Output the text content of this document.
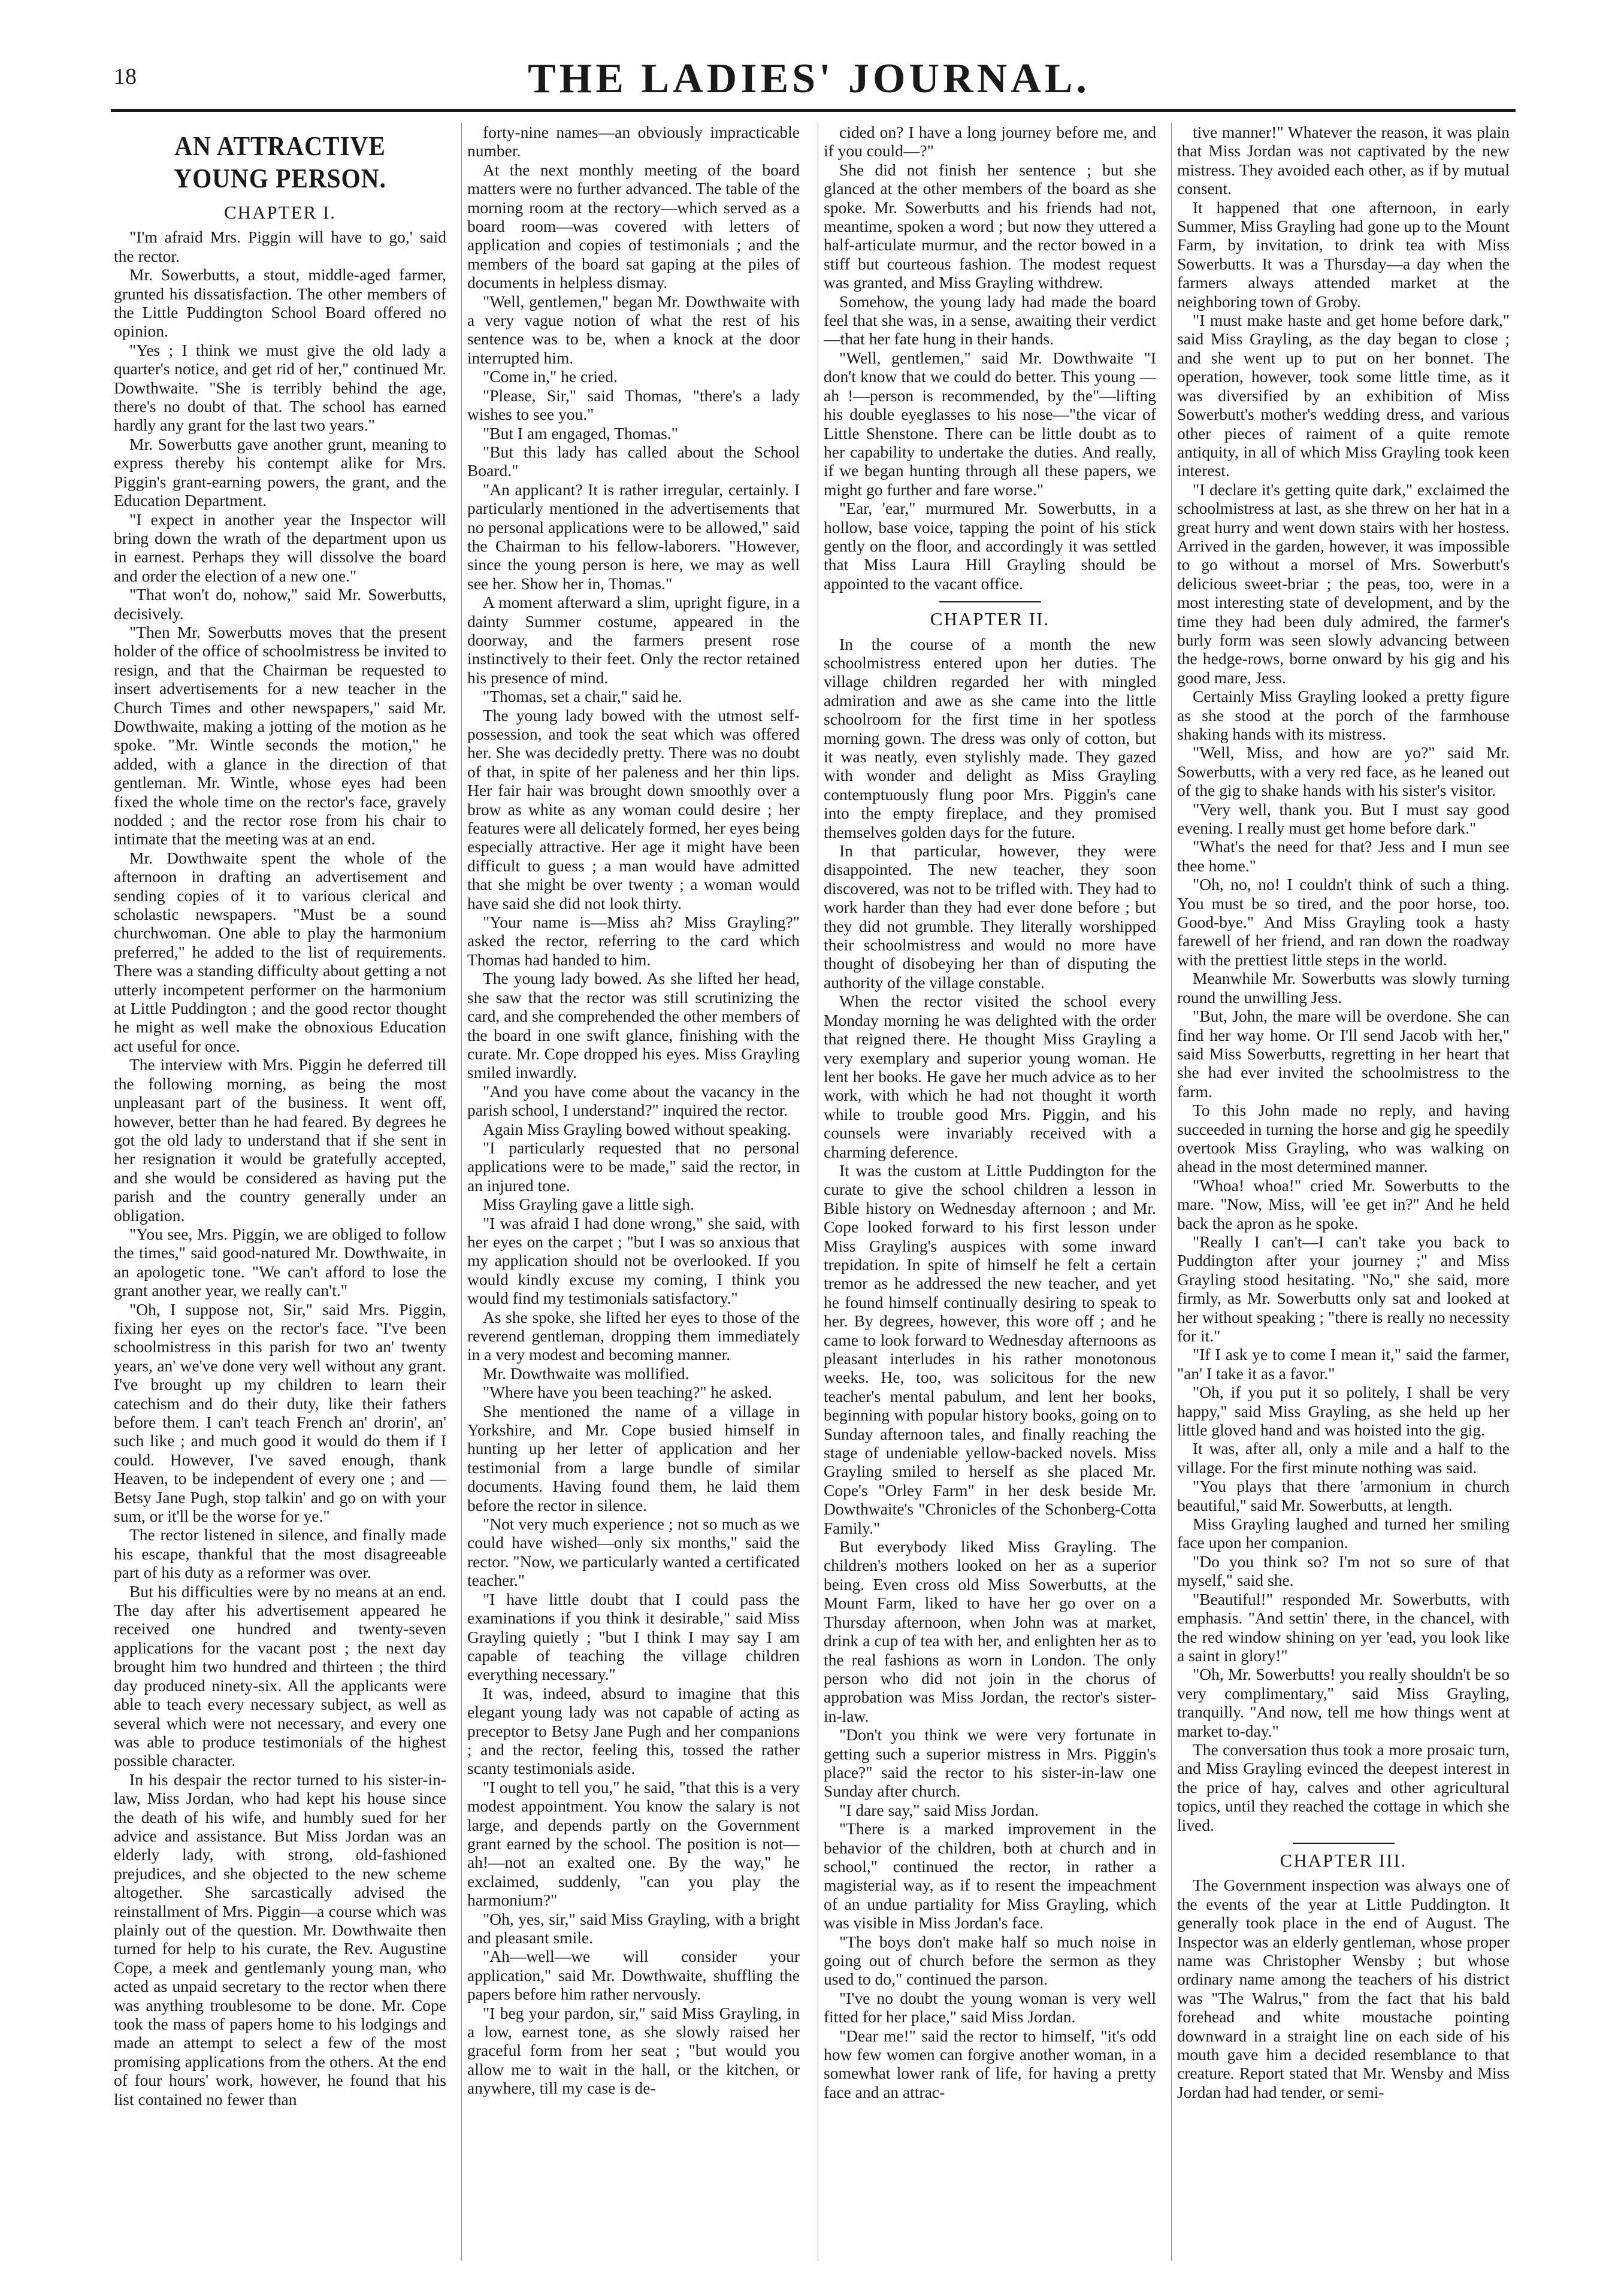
18	THE LADIES' JOURNAL.
AN ATTRACTIVE YOUNG PERSON.
CHAPTER I.

"I'm afraid Mrs. Piggin will have to go,' said the rector.

Mr. Sowerbutts, a stout, middle-aged farmer, grunted his dissatisfaction. The other members of the Little Puddington School Board offered no opinion.

"Yes ; I think we must give the old lady a quarter's notice, and get rid of her," continued Mr. Dowthwaite. "She is terribly behind the age, there's no doubt of that. The school has earned hardly any grant for the last two years."

Mr. Sowerbutts gave another grunt, meaning to express thereby his contempt alike for Mrs. Piggin's grant-earning powers, the grant, and the Education Department.

"I expect in another year the Inspector will bring down the wrath of the department upon us in earnest. Perhaps they will dissolve the board and order the election of a new one."

"That won't do, nohow," said Mr. Sowerbutts, decisively.

"Then Mr. Sowerbutts moves that the present holder of the office of schoolmistress be invited to resign, and that the Chairman be requested to insert advertisements for a new teacher in the Church Times and other newspapers," said Mr. Dowthwaite, making a jotting of the motion as he spoke. "Mr. Wintle seconds the motion," he added, with a glance in the direction of that gentleman. Mr. Wintle, whose eyes had been fixed the whole time on the rector's face, gravely nodded ; and the rector rose from his chair to intimate that the meeting was at an end.

Mr. Dowthwaite spent the whole of the afternoon in drafting an advertisement and sending copies of it to various clerical and scholastic newspapers. "Must be a sound churchwoman. One able to play the harmonium preferred," he added to the list of requirements. There was a standing difficulty about getting a not utterly incompetent performer on the harmonium at Little Puddington ; and the good rector thought he might as well make the obnoxious Education act useful for once.

The interview with Mrs. Piggin he deferred till the following morning, as being the most unpleasant part of the business. It went off, however, better than he had feared. By degrees he got the old lady to understand that if she sent in her resignation it would be gratefully accepted, and she would be considered as having put the parish and the country generally under an obligation.

"You see, Mrs. Piggin, we are obliged to follow the times," said good-natured Mr. Dowthwaite, in an apologetic tone. "We can't afford to lose the grant another year, we really can't."

"Oh, I suppose not, Sir," said Mrs. Piggin, fixing her eyes on the rector's face. "I've been schoolmistress in this parish for two an' twenty years, an' we've done very well without any grant. I've brought up my children to learn their catechism and do their duty, like their fathers before them. I can't teach French an' drorin', an' such like ; and much good it would do them if I could. However, I've saved enough, thank Heaven, to be independent of every one ; and — Betsy Jane Pugh, stop talkin' and go on with your sum, or it'll be the worse for ye."

The rector listened in silence, and finally made his escape, thankful that the most disagreeable part of his duty as a reformer was over.

But his difficulties were by no means at an end. The day after his advertisement appeared he received one hundred and twenty-seven applications for the vacant post ; the next day brought him two hundred and thirteen ; the third day produced ninety-six. All the applicants were able to teach every necessary subject, as well as several which were not necessary, and every one was able to produce testimonials of the highest possible character.

In his despair the rector turned to his sister-in-law, Miss Jordan, who had kept his house since the death of his wife, and humbly sued for her advice and assistance. But Miss Jordan was an elderly lady, with strong, old-fashioned prejudices, and she objected to the new scheme altogether. She sarcastically advised the reinstallment of Mrs. Piggin—a course which was plainly out of the question. Mr. Dowthwaite then turned for help to his curate, the Rev. Augustine Cope, a meek and gentlemanly young man, who acted as unpaid secretary to the rector when there was anything troublesome to be done. Mr. Cope took the mass of papers home to his lodgings and made an attempt to select a few of the most promising applications from the others. At the end of four hours' work, however, he found that his list contained no fewer than

forty-nine names—an obviously impracticable number.

At the next monthly meeting of the board matters were no further advanced. The table of the morning room at the rectory—which served as a board room—was covered with letters of application and copies of testimonials ; and the members of the board sat gaping at the piles of documents in helpless dismay.

"Well, gentlemen," began Mr. Dowthwaite with a very vague notion of what the rest of his sentence was to be, when a knock at the door interrupted him.

"Come in," he cried.

"Please, Sir," said Thomas, "there's a lady wishes to see you."

"But I am engaged, Thomas."

"But this lady has called about the School Board."

"An applicant? It is rather irregular, certainly. I particularly mentioned in the advertisements that no personal applications were to be allowed," said the Chairman to his fellow-laborers. "However, since the young person is here, we may as well see her. Show her in, Thomas."

A moment afterward a slim, upright figure, in a dainty Summer costume, appeared in the doorway, and the farmers present rose instinctively to their feet. Only the rector retained his presence of mind.

"Thomas, set a chair," said he.

The young lady bowed with the utmost self-possession, and took the seat which was offered her. She was decidedly pretty. There was no doubt of that, in spite of her paleness and her thin lips. Her fair hair was brought down smoothly over a brow as white as any woman could desire ; her features were all delicately formed, her eyes being especially attractive. Her age it might have been difficult to guess ; a man would have admitted that she might be over twenty ; a woman would have said she did not look thirty.

"Your name is—Miss ah? Miss Grayling?" asked the rector, referring to the card which Thomas had handed to him.

The young lady bowed. As she lifted her head, she saw that the rector was still scrutinizing the card, and she comprehended the other members of the board in one swift glance, finishing with the curate. Mr. Cope dropped his eyes. Miss Grayling smiled inwardly.

"And you have come about the vacancy in the parish school, I understand?" inquired the rector.

Again Miss Grayling bowed without speaking.

"I particularly requested that no personal applications were to be made," said the rector, in an injured tone.

Miss Grayling gave a little sigh.

"I was afraid I had done wrong," she said, with her eyes on the carpet ; "but I was so anxious that my application should not be overlooked. If you would kindly excuse my coming, I think you would find my testimonials satisfactory."

As she spoke, she lifted her eyes to those of the reverend gentleman, dropping them immediately in a very modest and becoming manner.

Mr. Dowthwaite was mollified.

"Where have you been teaching?" he asked.

She mentioned the name of a village in Yorkshire, and Mr. Cope busied himself in hunting up her letter of application and her testimonial from a large bundle of similar documents. Having found them, he laid them before the rector in silence.

"Not very much experience ; not so much as we could have wished—only six months," said the rector. "Now, we particularly wanted a certificated teacher."

"I have little doubt that I could pass the examinations if you think it desirable," said Miss Grayling quietly ; "but I think I may say I am capable of teaching the village children everything necessary."

It was, indeed, absurd to imagine that this elegant young lady was not capable of acting as preceptor to Betsy Jane Pugh and her companions ; and the rector, feeling this, tossed the rather scanty testimonials aside.

"I ought to tell you," he said, "that this is a very modest appointment. You know the salary is not large, and depends partly on the Government grant earned by the school. The position is not—ah!—not an exalted one. By the way," he exclaimed, suddenly, "can you play the harmonium?"

"Oh, yes, sir," said Miss Grayling, with a bright and pleasant smile.

"Ah—well—we will consider your application," said Mr. Dowthwaite, shuffling the papers before him rather nervously.

"I beg your pardon, sir," said Miss Grayling, in a low, earnest tone, as she slowly raised her graceful form from her seat ; "but would you allow me to wait in the hall, or the kitchen, or anywhere, till my case is de-

cided on? I have a long journey before me, and if you could—?"

She did not finish her sentence ; but she glanced at the other members of the board as she spoke. Mr. Sowerbutts and his friends had not, meantime, spoken a word ; but now they uttered a half-articulate murmur, and the rector bowed in a stiff but courteous fashion. The modest request was granted, and Miss Grayling withdrew.

Somehow, the young lady had made the board feel that she was, in a sense, awaiting their verdict—that her fate hung in their hands.

"Well, gentlemen," said Mr. Dowthwaite "I don't know that we could do better. This young —ah !—person is recommended, by the"—lifting his double eyeglasses to his nose—"the vicar of Little Shenstone. There can be little doubt as to her capability to undertake the duties. And really, if we began hunting through all these papers, we might go further and fare worse."

"Ear, 'ear," murmured Mr. Sowerbutts, in a hollow, base voice, tapping the point of his stick gently on the floor, and accordingly it was settled that Miss Laura Hill Grayling should be appointed to the vacant office.

CHAPTER II.

In the course of a month the new schoolmistress entered upon her duties. The village children regarded her with mingled admiration and awe as she came into the little schoolroom for the first time in her spotless morning gown. The dress was only of cotton, but it was neatly, even stylishly made. They gazed with wonder and delight as Miss Grayling contemptuously flung poor Mrs. Piggin's cane into the empty fireplace, and they promised themselves golden days for the future.

In that particular, however, they were disappointed. The new teacher, they soon discovered, was not to be trifled with. They had to work harder than they had ever done before ; but they did not grumble. They literally worshipped their schoolmistress and would no more have thought of disobeying her than of disputing the authority of the village constable.

When the rector visited the school every Monday morning he was delighted with the order that reigned there. He thought Miss Grayling a very exemplary and superior young woman. He lent her books. He gave her much advice as to her work, with which he had not thought it worth while to trouble good Mrs. Piggin, and his counsels were invariably received with a charming deference.

It was the custom at Little Puddington for the curate to give the school children a lesson in Bible history on Wednesday afternoon ; and Mr. Cope looked forward to his first lesson under Miss Grayling's auspices with some inward trepidation. In spite of himself he felt a certain tremor as he addressed the new teacher, and yet he found himself continually desiring to speak to her. By degrees, however, this wore off ; and he came to look forward to Wednesday afternoons as pleasant interludes in his rather monotonous weeks. He, too, was solicitous for the new teacher's mental pabulum, and lent her books, beginning with popular history books, going on to Sunday afternoon tales, and finally reaching the stage of undeniable yellow-backed novels. Miss Grayling smiled to herself as she placed Mr. Cope's "Orley Farm" in her desk beside Mr. Dowthwaite's "Chronicles of the Schonberg-Cotta Family."

But everybody liked Miss Grayling. The children's mothers looked on her as a superior being. Even cross old Miss Sowerbutts, at the Mount Farm, liked to have her go over on a Thursday afternoon, when John was at market, drink a cup of tea with her, and enlighten her as to the real fashions as worn in London. The only person who did not join in the chorus of approbation was Miss Jordan, the rector's sister-in-law.

"Don't you think we were very fortunate in getting such a superior mistress in Mrs. Piggin's place?" said the rector to his sister-in-law one Sunday after church.

"I dare say," said Miss Jordan.

"There is a marked improvement in the behavior of the children, both at church and in school," continued the rector, in rather a magisterial way, as if to resent the impeachment of an undue partiality for Miss Grayling, which was visible in Miss Jordan's face.

"The boys don't make half so much noise in going out of church before the sermon as they used to do," continued the parson.

"I've no doubt the young woman is very well fitted for her place," said Miss Jordan.

"Dear me!" said the rector to himself, "it's odd how few women can forgive another woman, in a somewhat lower rank of life, for having a pretty face and an attrac-

tive manner!" Whatever the reason, it was plain that Miss Jordan was not captivated by the new mistress. They avoided each other, as if by mutual consent.

It happened that one afternoon, in early Summer, Miss Grayling had gone up to the Mount Farm, by invitation, to drink tea with Miss Sowerbutts. It was a Thursday—a day when the farmers always attended market at the neighboring town of Groby.

"I must make haste and get home before dark," said Miss Grayling, as the day began to close ; and she went up to put on her bonnet. The operation, however, took some little time, as it was diversified by an exhibition of Miss Sowerbutt's mother's wedding dress, and various other pieces of raiment of a quite remote antiquity, in all of which Miss Grayling took keen interest.

"I declare it's getting quite dark," exclaimed the schoolmistress at last, as she threw on her hat in a great hurry and went down stairs with her hostess. Arrived in the garden, however, it was impossible to go without a morsel of Mrs. Sowerbutt's delicious sweet-briar ; the peas, too, were in a most interesting state of development, and by the time they had been duly admired, the farmer's burly form was seen slowly advancing between the hedge-rows, borne onward by his gig and his good mare, Jess.

Certainly Miss Grayling looked a pretty figure as she stood at the porch of the farmhouse shaking hands with its mistress.

"Well, Miss, and how are yo?" said Mr. Sowerbutts, with a very red face, as he leaned out of the gig to shake hands with his sister's visitor.

"Very well, thank you. But I must say good evening. I really must get home before dark."

"What's the need for that? Jess and I mun see thee home."

"Oh, no, no! I couldn't think of such a thing. You must be so tired, and the poor horse, too. Good-bye." And Miss Grayling took a hasty farewell of her friend, and ran down the roadway with the prettiest little steps in the world.

Meanwhile Mr. Sowerbutts was slowly turning round the unwilling Jess.

"But, John, the mare will be overdone. She can find her way home. Or I'll send Jacob with her," said Miss Sowerbutts, regretting in her heart that she had ever invited the schoolmistress to the farm.

To this John made no reply, and having succeeded in turning the horse and gig he speedily overtook Miss Grayling, who was walking on ahead in the most determined manner.

"Whoa! whoa!" cried Mr. Sowerbutts to the mare. "Now, Miss, will 'ee get in?" And he held back the apron as he spoke.

"Really I can't—I can't take you back to Puddington after your journey ;" and Miss Grayling stood hesitating. "No," she said, more firmly, as Mr. Sowerbutts only sat and looked at her without speaking ; "there is really no necessity for it."

"If I ask ye to come I mean it," said the farmer, "an' I take it as a favor."

"Oh, if you put it so politely, I shall be very happy," said Miss Grayling, as she held up her little gloved hand and was hoisted into the gig.

It was, after all, only a mile and a half to the village. For the first minute nothing was said.

"You plays that there 'armonium in church beautiful," said Mr. Sowerbutts, at length.

Miss Grayling laughed and turned her smiling face upon her companion.

"Do you think so? I'm not so sure of that myself," said she.

"Beautiful!" responded Mr. Sowerbutts, with emphasis. "And settin' there, in the chancel, with the red window shining on yer 'ead, you look like a saint in glory!"

"Oh, Mr. Sowerbutts! you really shouldn't be so very complimentary," said Miss Grayling, tranquilly. "And now, tell me how things went at market to-day."

The conversation thus took a more prosaic turn, and Miss Grayling evinced the deepest interest in the price of hay, calves and other agricultural topics, until they reached the cottage in which she lived.

CHAPTER III.

The Government inspection was always one of the events of the year at Little Puddington. It generally took place in the end of August. The Inspector was an elderly gentleman, whose proper name was Christopher Wensby ; but whose ordinary name among the teachers of his district was "The Walrus," from the fact that his bald forehead and white moustache pointing downward in a straight line on each side of his mouth gave him a decided resemblance to that creature. Report stated that Mr. Wensby and Miss Jordan had had tender, or semi-
